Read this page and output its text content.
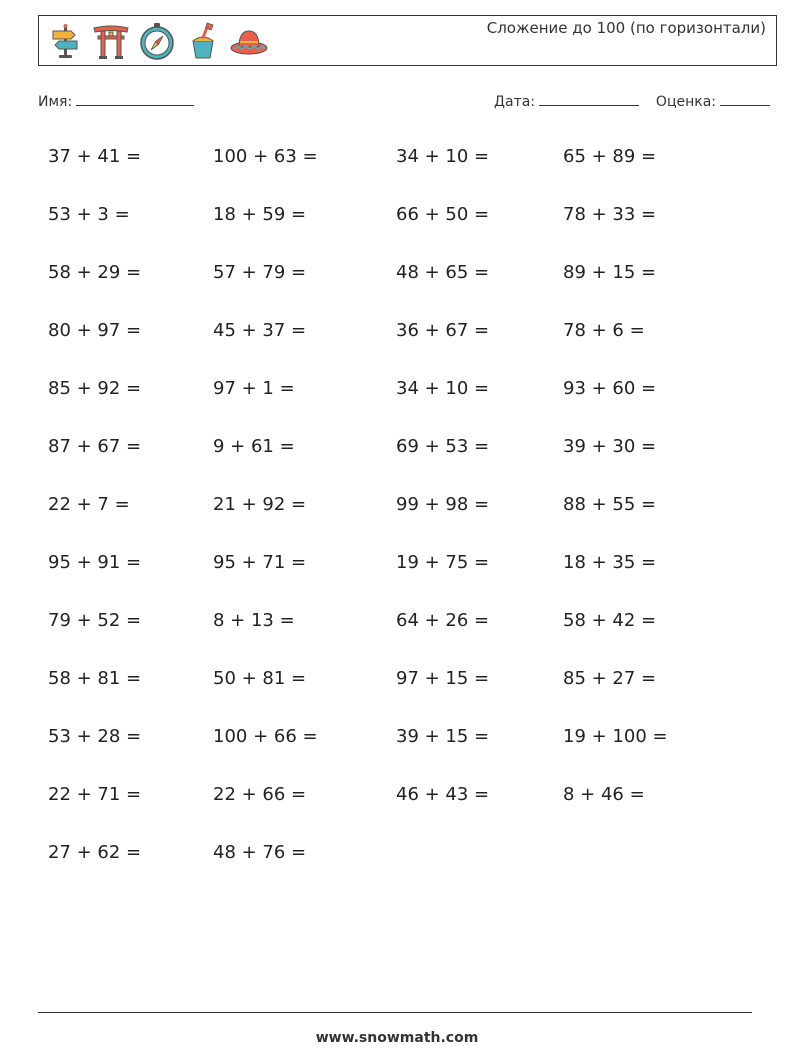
Сложение до 100 (по горизонтали)
Имя:	Дата:	Оценка:
37 + 41 =	100 + 63 =	34 + 10 =	65 + 89 =
53 + 3 =	18 + 59 =	66 + 50 =	78 + 33 =
58 + 29 =	57 + 79 =	48 + 65 =	89 + 15 =
80 + 97 =	45 + 37 =	36 + 67 =	78 + 6 =
85 + 92 =	97 + 1 =	34 + 10 =	93 + 60 =
87 + 67 =	9 + 61 =	69 + 53 =	39 + 30 =
22 + 7 =	21 + 92 =	99 + 98 =	88 + 55 =
95 + 91 =	95 + 71 =	19 + 75 =	18 + 35 =
79 + 52 =	8 + 13 =	64 + 26 =	58 + 42 =
58 + 81 =	50 + 81 =	97 + 15 =	85 + 27 =
53 + 28 =	100 + 66 =	39 + 15 =	19 + 100 =
22 + 71 =	22 + 66 =	46 + 43 =	8 + 46 =
27 + 62 =	48 + 76 =
www.snowmath.com
